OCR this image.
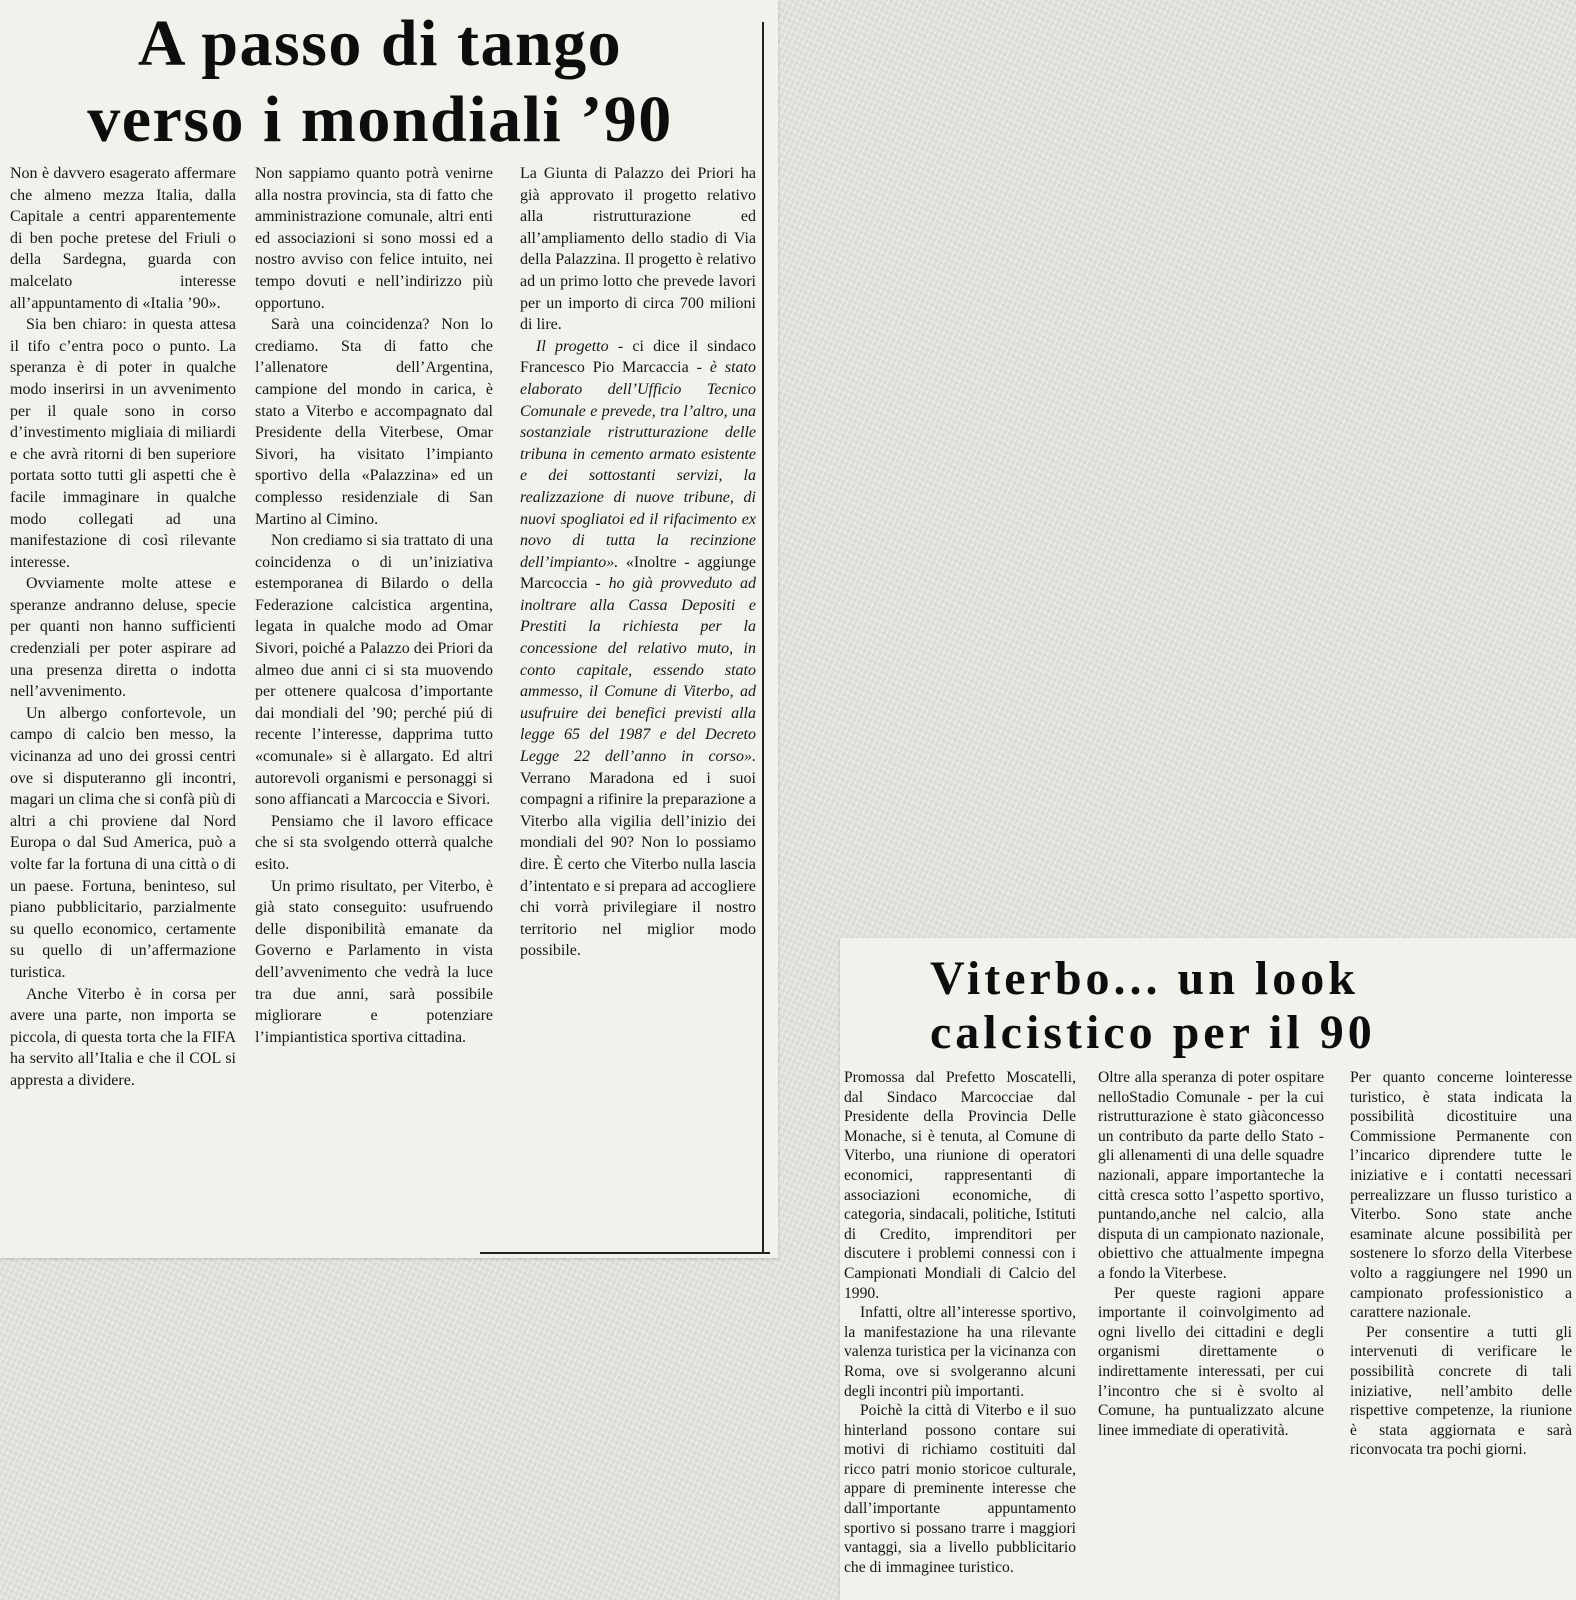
A passo di tango
verso i mondiali ’90

Non è davvero esagerato affermare che almeno mezza Italia, dalla Capitale a centri apparentemente di ben poche pretese del Friuli o della Sardegna, guarda con malcelato interesse all’appuntamento di «Italia ’90».

Sia ben chiaro: in questa attesa il tifo c’entra poco o punto. La speranza è di poter in qualche modo inserirsi in un avvenimento per il quale sono in corso d’investimento migliaia di miliardi e che avrà ritorni di ben superiore portata sotto tutti gli aspetti che è facile immaginare in qualche modo collegati ad una manifestazione di così rilevante interesse.

Ovviamente molte attese e speranze andranno deluse, specie per quanti non hanno sufficienti credenziali per poter aspirare ad una presenza diretta o indotta nell’avvenimento.

Un albergo confortevole, un campo di calcio ben messo, la vicinanza ad uno dei grossi centri ove si disputeranno gli incontri, magari un clima che si confà più di altri a chi proviene dal Nord Europa o dal Sud America, può a volte far la fortuna di una città o di un paese. Fortuna, beninteso, sul piano pubblicitario, parzialmente su quello economico, certamente su quello di un’affermazione turistica.

Anche Viterbo è in corsa per avere una parte, non importa se piccola, di questa torta che la FIFA ha servito all’Italia e che il COL si appresta a dividere.

Non sappiamo quanto potrà venirne alla nostra provincia, sta di fatto che amministrazione comunale, altri enti ed associazioni si sono mossi ed a nostro avviso con felice intuito, nei tempo dovuti e nell’indirizzo più opportuno.

Sarà una coincidenza? Non lo crediamo. Sta di fatto che l’allenatore dell’Argentina, campione del mondo in carica, è stato a Viterbo e accompagnato dal Presidente della Viterbese, Omar Sivori, ha visitato l’impianto sportivo della «Palazzina» ed un complesso residenziale di San Martino al Cimino.

Non crediamo si sia trattato di una coincidenza o di un’iniziativa estemporanea di Bilardo o della Federazione calcistica argentina, legata in qualche modo ad Omar Sivori, poiché a Palazzo dei Priori da almeo due anni ci si sta muovendo per ottenere qualcosa d’importante dai mondiali del ’90; perché piú di recente l’interesse, dapprima tutto «comunale» si è allargato. Ed altri autorevoli organismi e personaggi si sono affiancati a Marcoccia e Sivori.

Pensiamo che il lavoro efficace che si sta svolgendo otterrà qualche esito.

Un primo risultato, per Viterbo, è già stato conseguito: usufruendo delle disponibilità emanate da Governo e Parlamento in vista dell’avvenimento che vedrà la luce tra due anni, sarà possibile migliorare e potenziare l’impiantistica sportiva cittadina.

La Giunta di Palazzo dei Priori ha già approvato il progetto relativo alla ristrutturazione ed all’ampliamento dello stadio di Via della Palazzina. Il progetto è relativo ad un primo lotto che prevede lavori per un importo di circa 700 milioni di lire.

Il progetto - ci dice il sindaco Francesco Pio Marcaccia - è stato elaborato dell’Ufficio Tecnico Comunale e prevede, tra l’altro, una sostanziale ristrutturazione delle tribuna in cemento armato esistente e dei sottostanti servizi, la realizzazione di nuove tribune, di nuovi spogliatoi ed il rifacimento ex novo di tutta la recinzione dell’impianto». «Inoltre - aggiunge Marcoccia - ho già provveduto ad inoltrare alla Cassa Depositi e Prestiti la richiesta per la concessione del relativo muto, in conto capitale, essendo stato ammesso, il Comune di Viterbo, ad usufruire dei benefici previsti alla legge 65 del 1987 e del Decreto Legge 22 dell’anno in corso». Verrano Maradona ed i suoi compagni a rifinire la preparazione a Viterbo alla vigilia dell’inizio dei mondiali del 90? Non lo possiamo dire. È certo che Viterbo nulla lascia d’intentato e si prepara ad accogliere chi vorrà privilegiare il nostro territorio nel miglior modo possibile.

Viterbo... un look
calcistico per il 90

Promossa dal Prefetto Moscatelli, dal Sindaco Marcocciae dal Presidente della Provincia Delle Monache, si è tenuta, al Comune di Viterbo, una riunione di operatori economici, rappresentanti di associazioni economiche, di categoria, sindacali, politiche, Istituti di Credito, imprenditori per discutere i problemi connessi con i Campionati Mondiali di Calcio del 1990.

Infatti, oltre all’interesse sportivo, la manifestazione ha una rilevante valenza turistica per la vicinanza con Roma, ove si svolgeranno alcuni degli incontri più importanti.

Poichè la città di Viterbo e il suo hinterland possono contare sui motivi di richiamo costituiti dal ricco patri monio storicoe culturale, appare di preminente interesse che dall’importante appuntamento sportivo si possano trarre i maggiori vantaggi, sia a livello pubblicitario che di immaginee turistico.

Oltre alla speranza di poter ospitare nelloStadio Comunale - per la cui ristrutturazione è stato giàconcesso un contributo da parte dello Stato - gli allenamenti di una delle squadre nazionali, appare importanteche la città cresca sotto l’aspetto sportivo, puntando,anche nel calcio, alla disputa di un campionato nazionale, obiettivo che attualmente impegna a fondo la Viterbese.

Per queste ragioni appare importante il coinvolgimento ad ogni livello dei cittadini e degli organismi direttamente o indirettamente interessati, per cui l’incontro che si è svolto al Comune, ha puntualizzato alcune linee immediate di operatività.

Per quanto concerne lointeresse turistico, è stata indicata la possibilità dicostituire una Commissione Permanente con l’incarico diprendere tutte le iniziative e i contatti necessari perrealizzare un flusso turistico a Viterbo. Sono state anche esaminate alcune possibilità per sostenere lo sforzo della Viterbese volto a raggiungere nel 1990 un campionato professionistico a carattere nazionale.

Per consentire a tutti gli intervenuti di verificare le possibilità concrete di tali iniziative, nell’ambito delle rispettive competenze, la riunione è stata aggiornata e sarà riconvocata tra pochi giorni.
